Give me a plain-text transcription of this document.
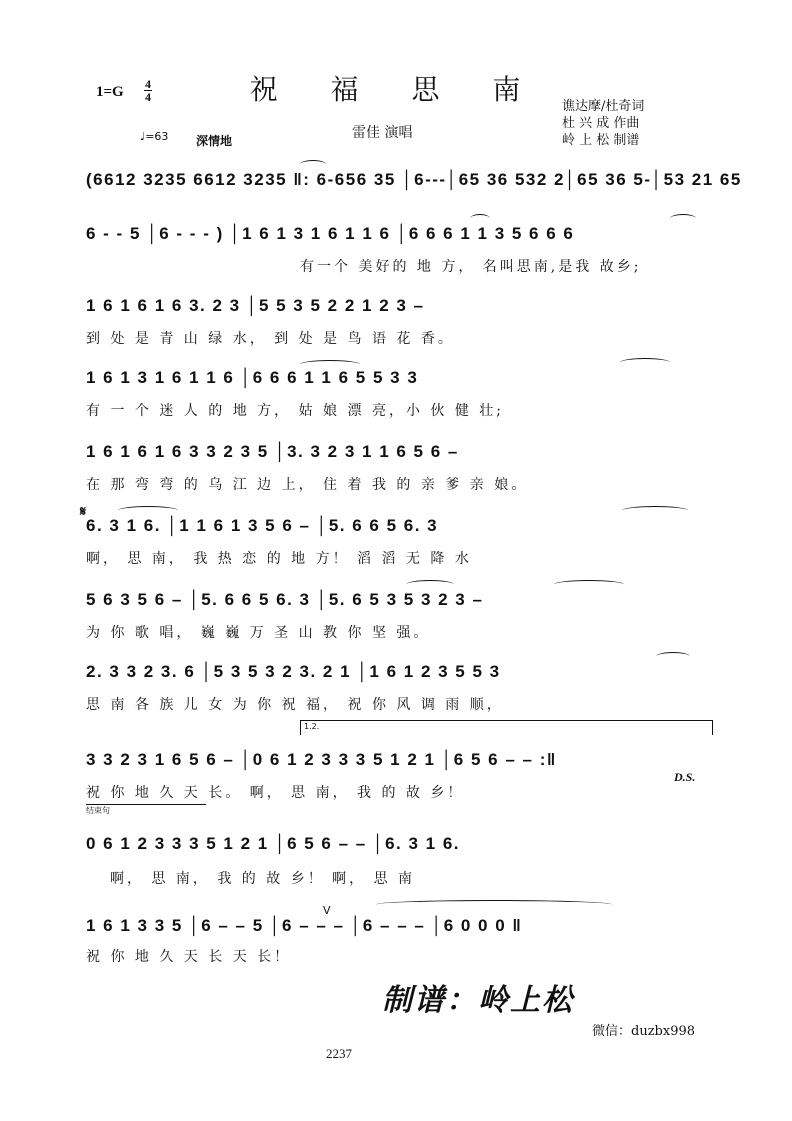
祝 福 思 南
1=G 4
4
♩=63 深情地	雷佳 演唱
谯达摩/杜奇词
杜 兴 成 作曲
岭 上 松 制谱
(6612 3235 6612 3235 ‖: 6-656 35 │6---│65 36 532 2│65 36 5-│53 21 65
6 - - 5 │6 - - - ) │1 6 1 3 1 6 1 1 6 │6 6 6 1 1 3 5 6 6 6
有一个 美好的 地 方， 名叫思南,是我 故乡;
1 6 1 6 1 6 3. 2 3 │5 5 3 5 2 2 1 2 3 –
到 处 是 青 山 绿 水， 到 处 是 鸟 语 花 香。
1 6 1 3 1 6 1 1 6 │6 6 6 1 1 6 5 5 3 3
有 一 个 迷 人 的 地 方， 姑 娘 漂 亮，小 伙 健 壮;
1 6 1 6 1 6 3 3 2 3 5 │3. 3 2 3 1 1 6 5 6 –
在 那 弯 弯 的 乌 江 边 上， 住 着 我 的 亲 爹 亲 娘。
𝄋
6. 3 1 6. │1 1 6 1 3 5 6 – │5. 6 6 5 6. 3
啊， 思 南， 我 热 恋 的 地 方！ 滔 滔 无 降 水
5 6 3 5 6 – │5. 6 6 5 6. 3 │5. 6 5 3 5 3 2 3 –
为 你 歌 唱， 巍 巍 万 圣 山 教 你 坚 强。
2. 3 3 2 3. 6 │5 3 5 3 2 3. 2 1 │1 6 1 2 3 5 5 3
思 南 各 族 儿 女 为 你 祝 福， 祝 你 风 调 雨 顺，
1.2.
3 3 2 3 1 6 5 6 – │0 6 1 2 3 3 3 5 1 2 1 │6 5 6 – – :‖
D.S.
祝 你 地 久 天 长。 啊， 思 南， 我 的 故 乡！
结束句
0 6 1 2 3 3 3 5 1 2 1 │6 5 6 – – │6. 3 1 6.
啊， 思 南， 我 的 故 乡！ 啊， 思 南
V
1 6 1 3 3 5 │6 – – 5 │6 – – – │6 – – – │6 0 0 0 ‖
祝 你 地 久 天 长 天 长！
制谱：岭上松
微信：duzbx998
2237
